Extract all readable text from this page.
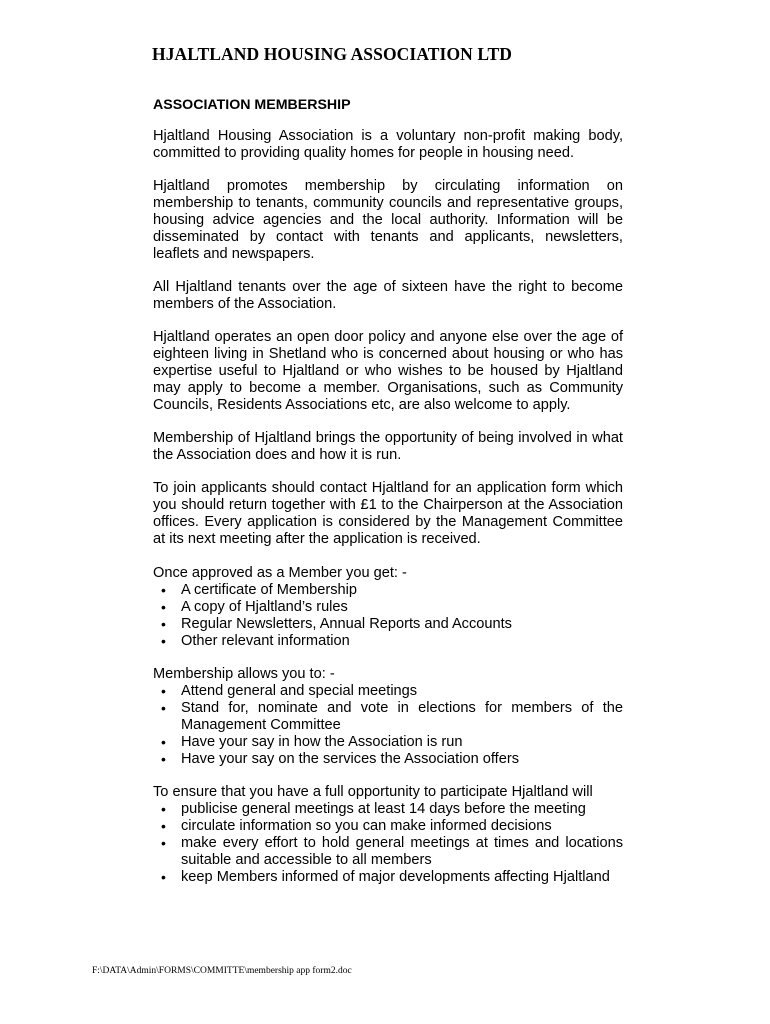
HJALTLAND HOUSING ASSOCIATION LTD
ASSOCIATION MEMBERSHIP

Hjaltland Housing Association is a voluntary non-profit making body, committed to providing quality homes for people in housing need.

Hjaltland promotes membership by circulating information on membership to tenants, community councils and representative groups, housing advice agencies and the local authority. Information will be disseminated by contact with tenants and applicants, newsletters, leaflets and newspapers.

All Hjaltland tenants over the age of sixteen have the right to become members of the Association.

Hjaltland operates an open door policy and anyone else over the age of eighteen living in Shetland who is concerned about housing or who has expertise useful to Hjaltland or who wishes to be housed by Hjaltland may apply to become a member. Organisations, such as Community Councils, Residents Associations etc, are also welcome to apply.

Membership of Hjaltland brings the opportunity of being involved in what the Association does and how it is run.

To join applicants should contact Hjaltland for an application form which you should return together with £1 to the Chairperson at the Association offices. Every application is considered by the Management Committee at its next meeting after the application is received.

Once approved as a Member you get: -

• A certificate of Membership
• A copy of Hjaltland’s rules
• Regular Newsletters, Annual Reports and Accounts
• Other relevant information

Membership allows you to: -

• Attend general and special meetings
• Stand for, nominate and vote in elections for members of the Management Committee
• Have your say in how the Association is run
• Have your say on the services the Association offers

To ensure that you have a full opportunity to participate Hjaltland will

• publicise general meetings at least 14 days before the meeting
• circulate information so you can make informed decisions
• make every effort to hold general meetings at times and locations suitable and accessible to all members
• keep Members informed of major developments affecting Hjaltland

F:\DATA\Admin\FORMS\COMMITTE\membership app form2.doc
